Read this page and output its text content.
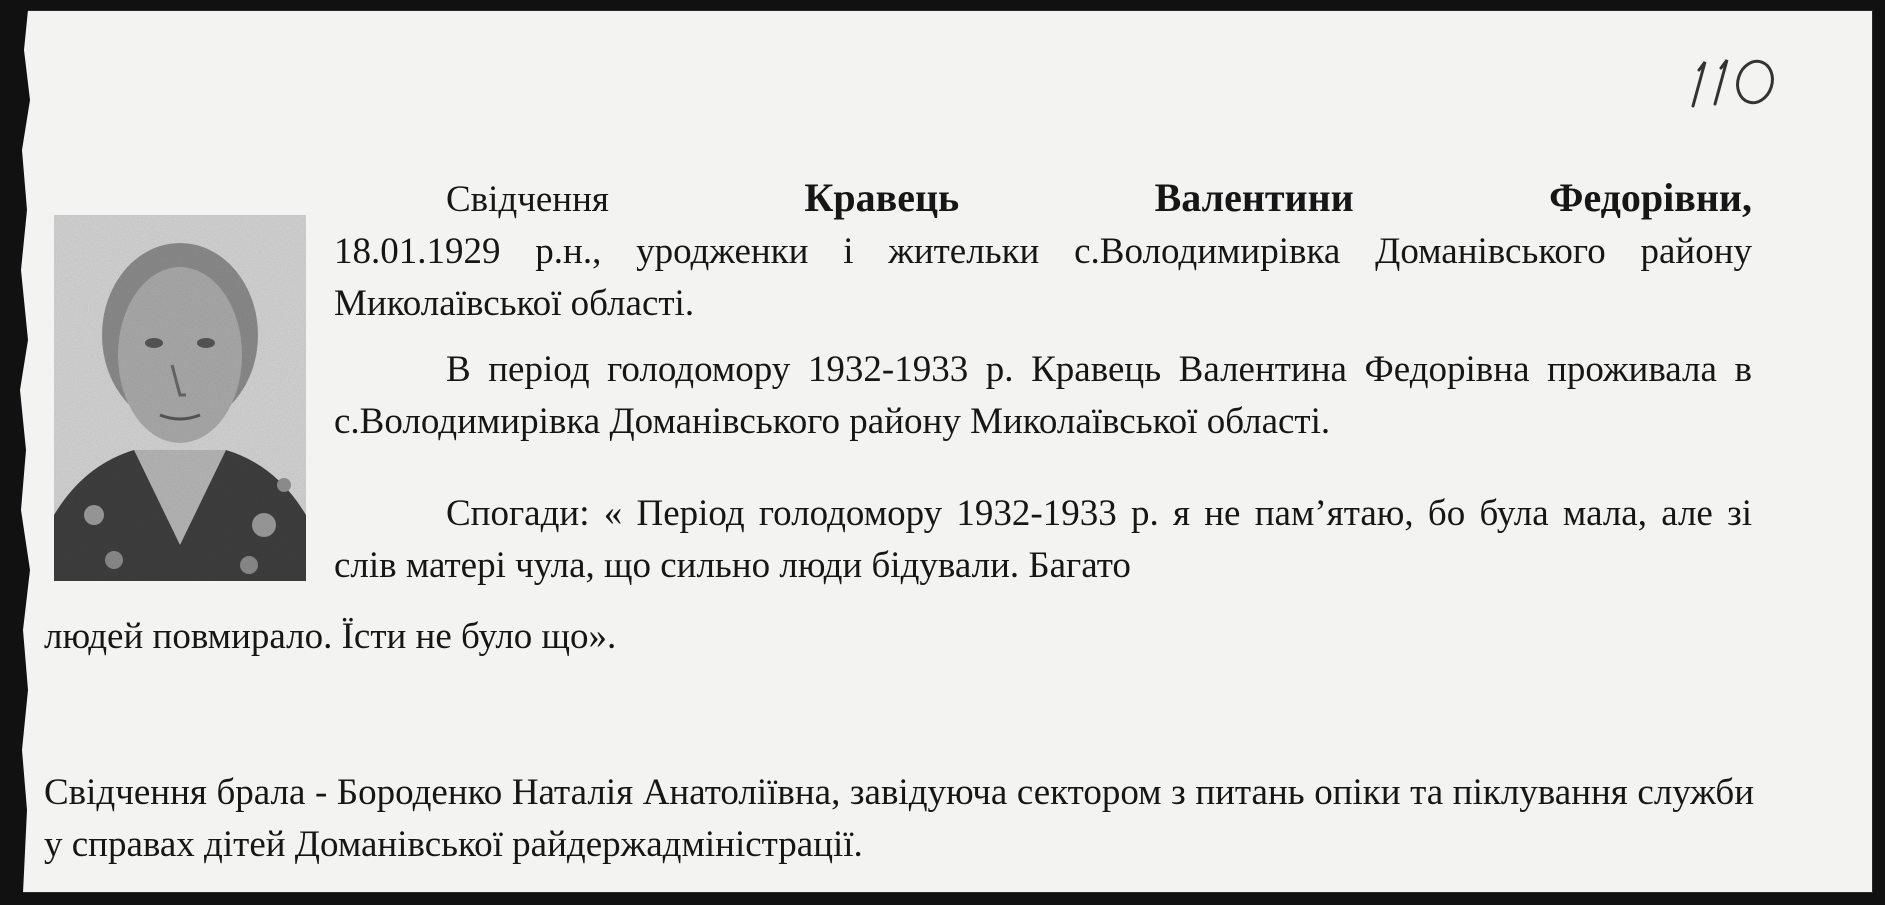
Свідчення	Кравець	Валентини	Федорівни,
18.01.1929 р.н., уродженки і жительки с.Володимирівка Доманівського району Миколаївської області.
В період голодомору 1932-1933 р. Кравець Валентина Федорівна проживала в с.Володимирівка Доманівського району Миколаївської області.
Спогади: « Період голодомору 1932-1933 р. я не пам’ятаю, бо була мала, але зі слів матері чула, що сильно люди бідували. Багато
людей повмирало. Їсти не було що».
Свідчення брала - Бороденко Наталія Анатоліївна, завідуюча сектором з питань опіки та піклування служби у справах дітей Доманівської райдержадміністрації.
